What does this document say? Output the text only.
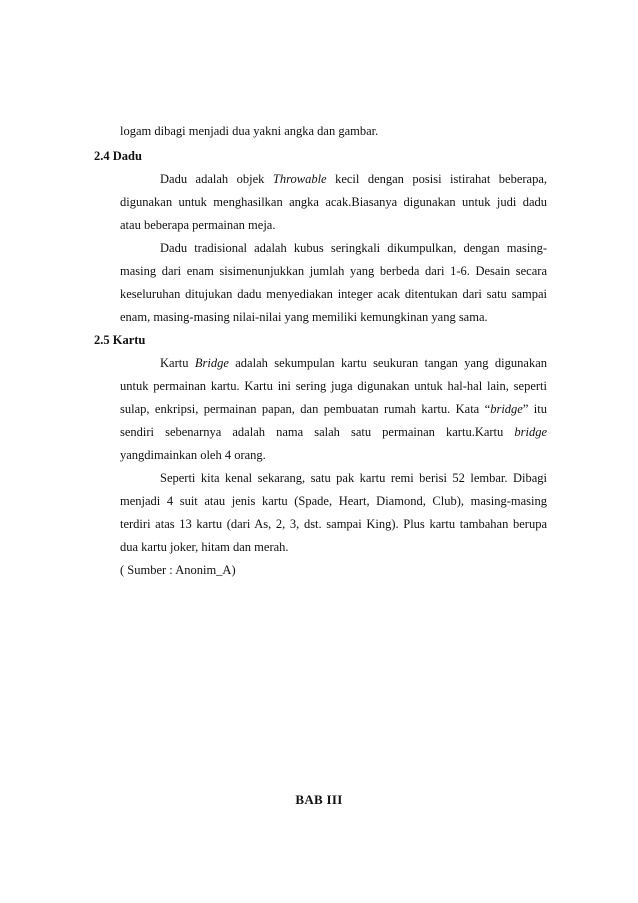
logam dibagi menjadi dua yakni angka dan gambar.
2.4 Dadu
Dadu adalah objek Throwable kecil dengan posisi istirahat beberapa,
digunakan untuk menghasilkan angka acak.Biasanya digunakan untuk judi dadu
atau beberapa permainan meja.
Dadu tradisional adalah kubus seringkali dikumpulkan, dengan masing-
masing dari enam sisimenunjukkan jumlah yang berbeda dari 1-6. Desain secara
keseluruhan ditujukan dadu menyediakan integer acak ditentukan dari satu sampai
enam, masing-masing nilai-nilai yang memiliki kemungkinan yang sama.
2.5 Kartu
Kartu Bridge adalah sekumpulan kartu seukuran tangan yang digunakan
untuk permainan kartu. Kartu ini sering juga digunakan untuk hal-hal lain, seperti
sulap, enkripsi, permainan papan, dan pembuatan rumah kartu. Kata “bridge” itu
sendiri sebenarnya adalah nama salah satu permainan kartu.Kartu bridge
yangdimainkan oleh 4 orang.
Seperti kita kenal sekarang, satu pak kartu remi berisi 52 lembar. Dibagi
menjadi 4 suit atau jenis kartu (Spade, Heart, Diamond, Club), masing-masing
terdiri atas 13 kartu (dari As, 2, 3, dst. sampai King). Plus kartu tambahan berupa
dua kartu joker, hitam dan merah.
( Sumber : Anonim_A)
BAB III
